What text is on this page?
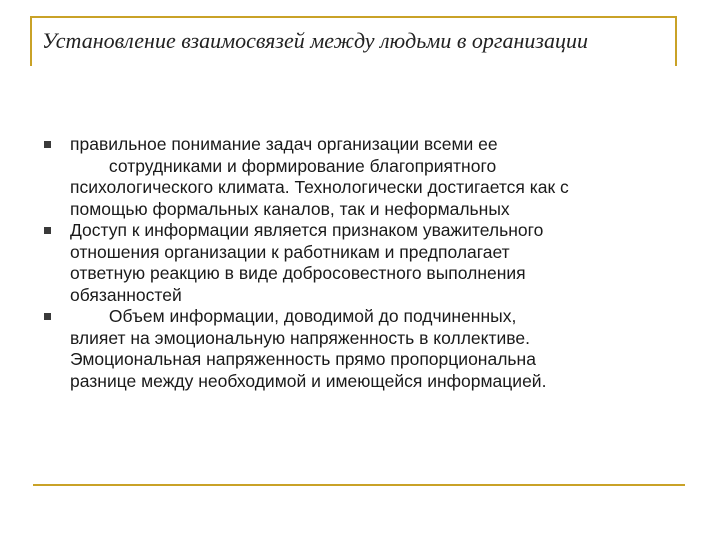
Установление взаимосвязей между людьми в организации
правильное понимание задач организации всеми ее
сотрудниками и формирование благоприятного
психологического климата. Технологически достигается как с
помощью формальных каналов, так и неформальных
Доступ к информации является признаком уважительного
отношения организации к работникам и предполагает
ответную реакцию в виде добросовестного выполнения
обязанностей
Объем информации, доводимой до подчиненных,
влияет на эмоциональную напряженность в коллективе.
Эмоциональная напряженность прямо пропорциональна
разнице между необходимой и имеющейся информацией.
